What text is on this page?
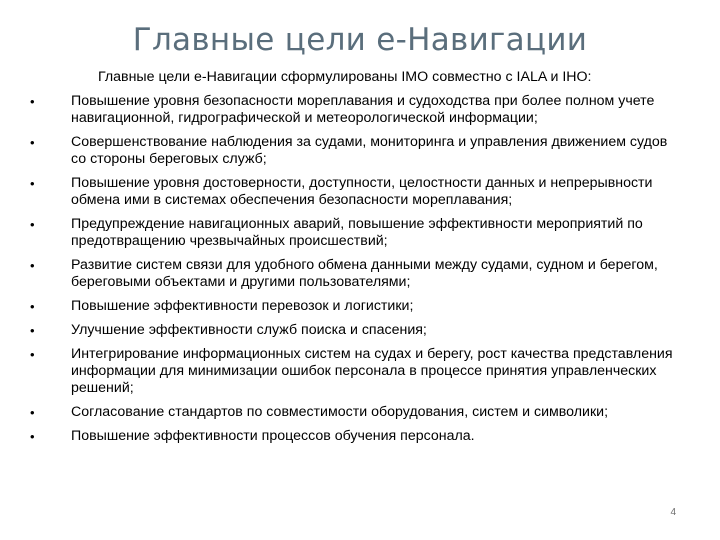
Главные цели е-Навигации
Главные цели е-Навигации сформулированы IMO совместно с IALA и IHO:
•	Повышение уровня безопасности мореплавания и судоходства при более полном учете навигационной, гидрографической и метеорологической информации;
•	Совершенствование наблюдения за судами, мониторинга и управления движением судов со стороны береговых служб;
•	Повышение уровня достоверности, доступности, целостности данных и непрерывности обмена ими в системах обеспечения безопасности мореплавания;
•	Предупреждение навигационных аварий, повышение эффективности мероприятий по предотвращению чрезвычайных происшествий;
•	Развитие систем связи для удобного обмена данными между судами, судном и берегом, береговыми объектами и другими пользователями;
•	Повышение эффективности перевозок и логистики;
•	Улучшение эффективности служб поиска и спасения;
•	Интегрирование информационных систем на судах и берегу, рост качества представления информации для минимизации ошибок персонала в процессе принятия управленческих решений;
•	Согласование стандартов по совместимости оборудования, систем и символики;
•	Повышение эффективности процессов обучения персонала.
4
